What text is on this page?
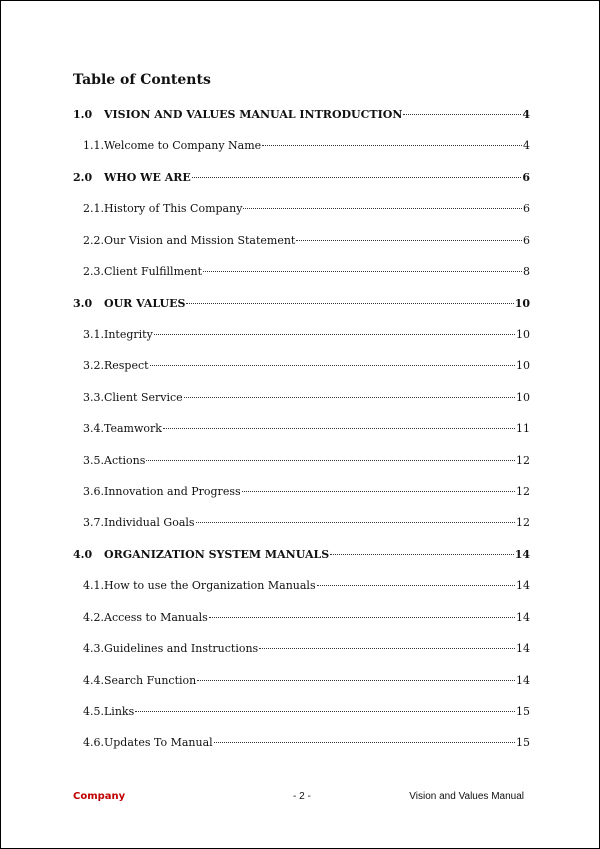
Table of Contents
1.0	VISION AND VALUES MANUAL INTRODUCTION	4
1.1. Welcome to Company Name	4
2.0	WHO WE ARE	6
2.1. History of This Company	6
2.2. Our Vision and Mission Statement	6
2.3. Client Fulfillment	8
3.0	OUR VALUES	10
3.1. Integrity	10
3.2. Respect	10
3.3. Client Service	10
3.4. Teamwork	11
3.5. Actions	12
3.6. Innovation and Progress	12
3.7. Individual Goals	12
4.0	ORGANIZATION SYSTEM MANUALS	14
4.1. How to use the Organization Manuals	14
4.2. Access to Manuals	14
4.3. Guidelines and Instructions	14
4.4. Search Function	14
4.5. Links	15
4.6. Updates To Manual	15
Company	- 2 -	Vision and Values Manual
